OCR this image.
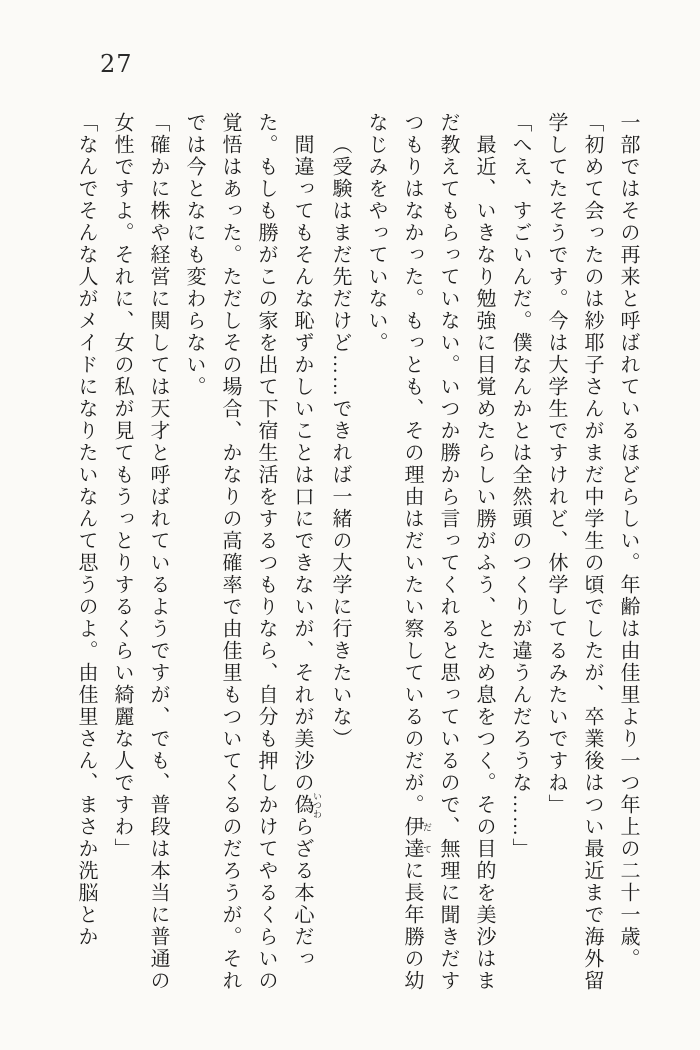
27

一部ではその再来と呼ばれているほどらしい。年齢は由佳里より一つ年上の二十一歳。

「初めて会ったのは紗耶子さんがまだ中学生の頃でしたが、卒業後はつい最近まで海外留学してたそうです。今は大学生ですけれど、休学してるみたいですね」

「へえ、すごいんだ。僕なんかとは全然頭のつくりが違うんだろうな……」

最近、いきなり勉強に目覚めたらしい勝がふう、とため息をつく。その目的を美沙はまだ教えてもらっていない。いつか勝から言ってくれると思っているので、無理に聞きだすつもりはなかった。もっとも、その理由はだいたい察しているのだが。伊達 だてに長年勝の幼なじみをやっていない。

（受験はまだ先だけど……できれば一緒の大学に行きたいな）

間違ってもそんな恥ずかしいことは口にできないが、それが美沙の偽 いつわらざる本心だった。もしも勝がこの家を出て下宿生活をするつもりなら、自分も押しかけてやるくらいの覚悟はあった。ただしその場合、かなりの高確率で由佳里もついてくるのだろうが。それでは今となにも変わらない。

「確かに株や経営に関しては天才と呼ばれているようですが、でも、普段は本当に普通の女性ですよ。それに、女の私が見てもうっとりするくらい綺麗な人ですわ」

「なんでそんな人がメイドになりたいなんて思うのよ。由佳里さん、まさか洗脳とか
